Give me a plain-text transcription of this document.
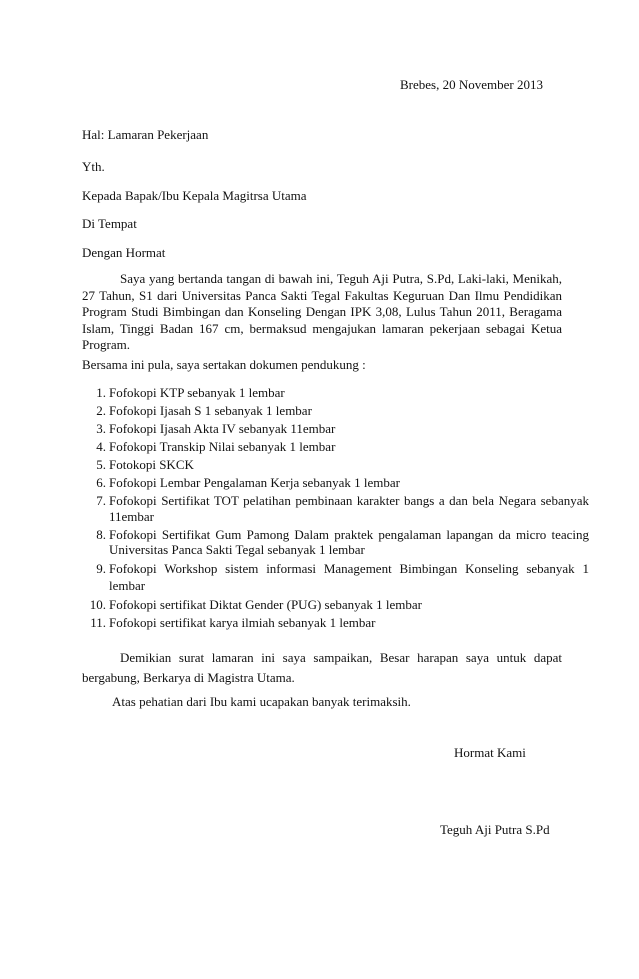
Brebes, 20 November 2013
Hal: Lamaran Pekerjaan
Yth.
Kepada Bapak/Ibu Kepala Magitrsa Utama
Di Tempat
Dengan Hormat
Saya yang bertanda tangan di bawah ini, Teguh Aji Putra, S.Pd, Laki-laki, Menikah, 27 Tahun, S1 dari Universitas Panca Sakti Tegal Fakultas Keguruan Dan Ilmu Pendidikan Program Studi Bimbingan dan Konseling Dengan IPK 3,08, Lulus Tahun 2011, Beragama Islam, Tinggi Badan 167 cm, bermaksud mengajukan lamaran pekerjaan sebagai Ketua Program.
Bersama ini pula, saya sertakan dokumen pendukung :
1. Fofokopi KTP sebanyak 1 lembar
2. Fofokopi Ijasah S 1 sebanyak 1 lembar
3. Fofokopi Ijasah Akta IV sebanyak 11embar
4. Fofokopi Transkip Nilai sebanyak 1 lembar
5. Fotokopi SKCK
6. Fofokopi Lembar Pengalaman Kerja sebanyak 1 lembar
7. Fofokopi Sertifikat TOT pelatihan pembinaan karakter bangs a dan bela Negara sebanyak 11embar
8. Fofokopi Sertifikat Gum Pamong Dalam praktek pengalaman lapangan da micro teacing Universitas Panca Sakti Tegal sebanyak 1 lembar
9. Fofokopi Workshop sistem informasi Management Bimbingan Konseling sebanyak 1 lembar
10. Fofokopi sertifikat Diktat Gender (PUG) sebanyak 1 lembar
11. Fofokopi sertifikat karya ilmiah sebanyak 1 lembar
Demikian surat lamaran ini saya sampaikan, Besar harapan saya untuk dapat bergabung, Berkarya di Magistra Utama.
Atas pehatian dari Ibu kami ucapakan banyak terimaksih.
Hormat Kami
Teguh Aji Putra S.Pd
